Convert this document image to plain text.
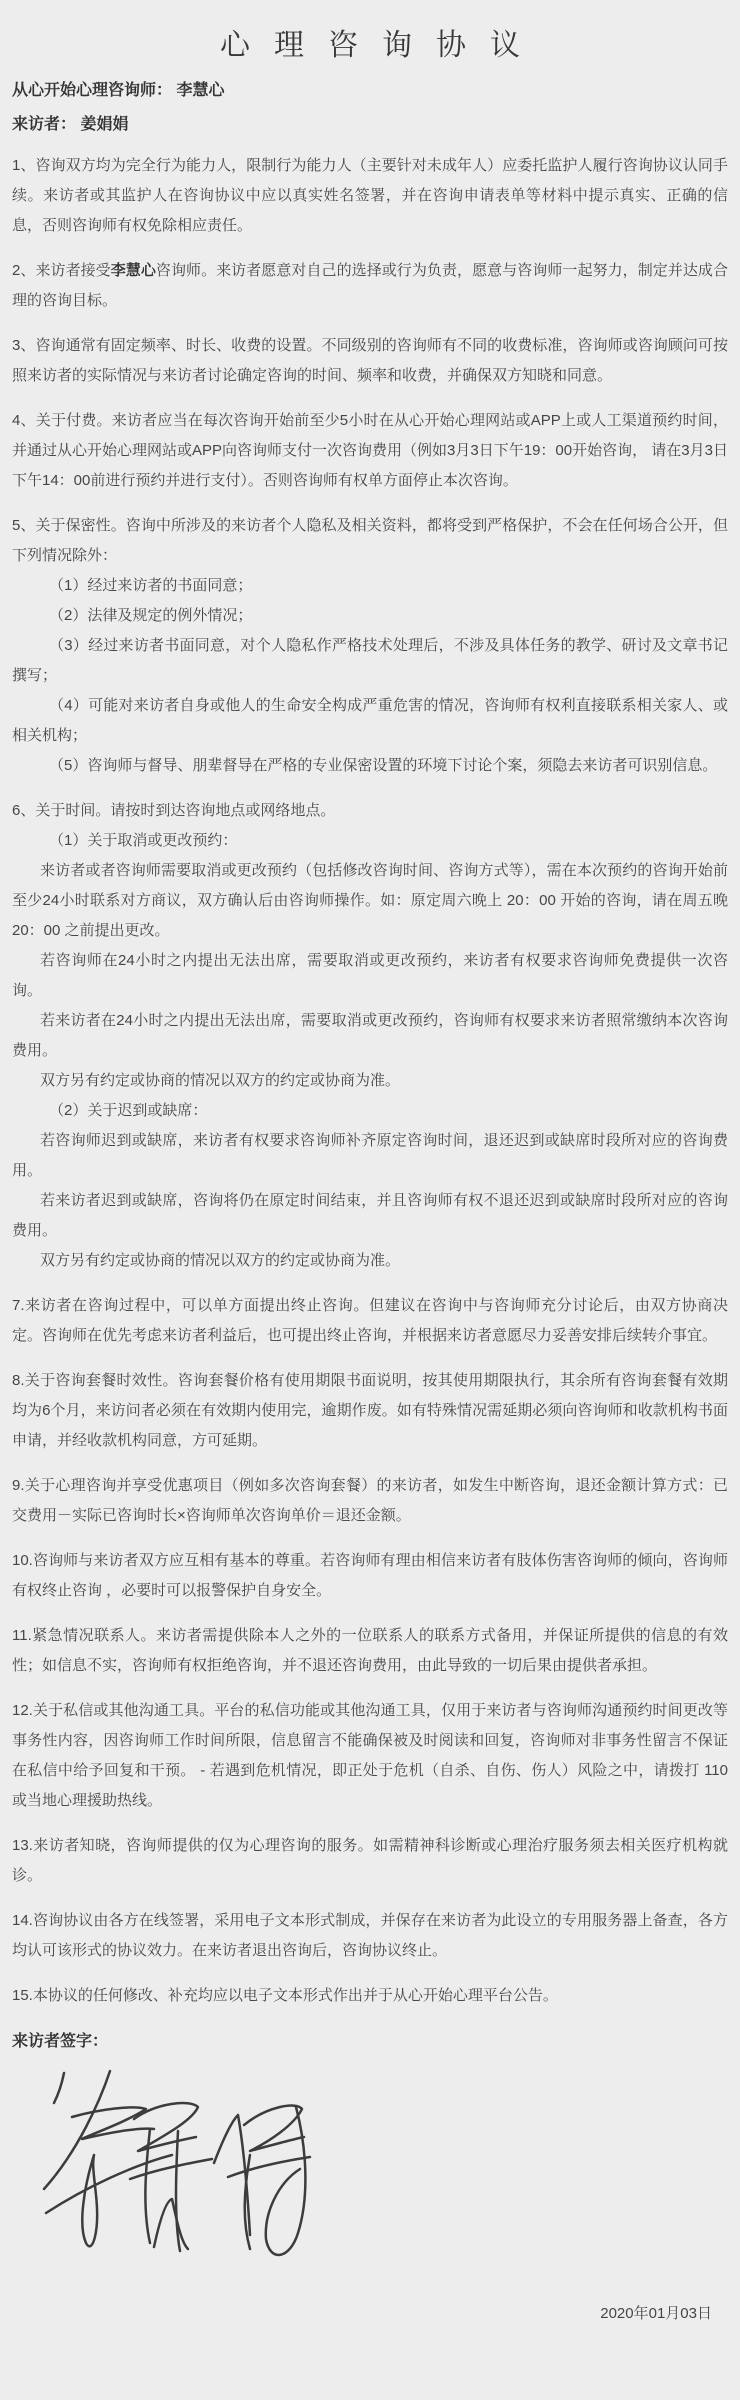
心理咨询协议

从心开始心理咨询师： 李慧心

来访者： 姜娟娟

1、咨询双方均为完全行为能力人，限制行为能力人（主要针对未成年人）应委托监护人履行咨询协议认同手续。来访者或其监护人在咨询协议中应以真实姓名签署，并在咨询申请表单等材料中提示真实、正确的信息，否则咨询师有权免除相应责任。

2、来访者接受李慧心咨询师。来访者愿意对自己的选择或行为负责，愿意与咨询师一起努力，制定并达成合理的咨询目标。

3、咨询通常有固定频率、时长、收费的设置。不同级别的咨询师有不同的收费标准，咨询师或咨询顾问可按照来访者的实际情况与来访者讨论确定咨询的时间、频率和收费，并确保双方知晓和同意。

4、关于付费。来访者应当在每次咨询开始前至少5小时在从心开始心理网站或APP上或人工渠道预约时间，并通过从心开始心理网站或APP向咨询师支付一次咨询费用（例如3月3日下午19：00开始咨询， 请在3月3日下午14：00前进行预约并进行支付）。否则咨询师有权单方面停止本次咨询。

5、关于保密性。咨询中所涉及的来访者个人隐私及相关资料，都将受到严格保护，不会在任何场合公开，但下列情况除外：

（1）经过来访者的书面同意；

（2）法律及规定的例外情况；

（3）经过来访者书面同意，对个人隐私作严格技术处理后，不涉及具体任务的教学、研讨及文章书记撰写；

（4）可能对来访者自身或他人的生命安全构成严重危害的情况，咨询师有权利直接联系相关家人、或相关机构；

（5）咨询师与督导、朋辈督导在严格的专业保密设置的环境下讨论个案，须隐去来访者可识别信息。

6、关于时间。请按时到达咨询地点或网络地点。

（1）关于取消或更改预约：

来访者或者咨询师需要取消或更改预约（包括修改咨询时间、咨询方式等），需在本次预约的咨询开始前至少24小时联系对方商议，双方确认后由咨询师操作。如：原定周六晚上 20：00 开始的咨询，请在周五晚 20：00 之前提出更改。

若咨询师在24小时之内提出无法出席，需要取消或更改预约，来访者有权要求咨询师免费提供一次咨询。

若来访者在24小时之内提出无法出席，需要取消或更改预约，咨询师有权要求来访者照常缴纳本次咨询费用。

双方另有约定或协商的情况以双方的约定或协商为准。

（2）关于迟到或缺席：

若咨询师迟到或缺席，来访者有权要求咨询师补齐原定咨询时间，退还迟到或缺席时段所对应的咨询费用。

若来访者迟到或缺席，咨询将仍在原定时间结束，并且咨询师有权不退还迟到或缺席时段所对应的咨询费用。

双方另有约定或协商的情况以双方的约定或协商为准。

7.来访者在咨询过程中，可以单方面提出终止咨询。但建议在咨询中与咨询师充分讨论后，由双方协商决定。咨询师在优先考虑来访者利益后，也可提出终止咨询，并根据来访者意愿尽力妥善安排后续转介事宜。

8.关于咨询套餐时效性。咨询套餐价格有使用期限书面说明，按其使用期限执行，其余所有咨询套餐有效期均为6个月，来访问者必须在有效期内使用完，逾期作废。如有特殊情况需延期必须向咨询师和收款机构书面申请，并经收款机构同意，方可延期。

9.关于心理咨询并享受优惠项目（例如多次咨询套餐）的来访者，如发生中断咨询，退还金额计算方式：已交费用－实际已咨询时长×咨询师单次咨询单价＝退还金额。

10.咨询师与来访者双方应互相有基本的尊重。若咨询师有理由相信来访者有肢体伤害咨询师的倾向，咨询师有权终止咨询 ，必要时可以报警保护自身安全。

11.紧急情况联系人。来访者需提供除本人之外的一位联系人的联系方式备用，并保证所提供的信息的有效性；如信息不实，咨询师有权拒绝咨询，并不退还咨询费用，由此导致的一切后果由提供者承担。

12.关于私信或其他沟通工具。平台的私信功能或其他沟通工具，仅用于来访者与咨询师沟通预约时间更改等事务性内容，因咨询师工作时间所限，信息留言不能确保被及时阅读和回复，咨询师对非事务性留言不保证在私信中给予回复和干预。 - 若遇到危机情况，即正处于危机（自杀、自伤、伤人）风险之中，请拨打 110 或当地心理援助热线。

13.来访者知晓，咨询师提供的仅为心理咨询的服务。如需精神科诊断或心理治疗服务须去相关医疗机构就诊。

14.咨询协议由各方在线签署，采用电子文本形式制成，并保存在来访者为此设立的专用服务器上备查，各方均认可该形式的协议效力。在来访者退出咨询后，咨询协议终止。

15.本协议的任何修改、补充均应以电子文本形式作出并于从心开始心理平台公告。

来访者签字：

2020年01月03日
